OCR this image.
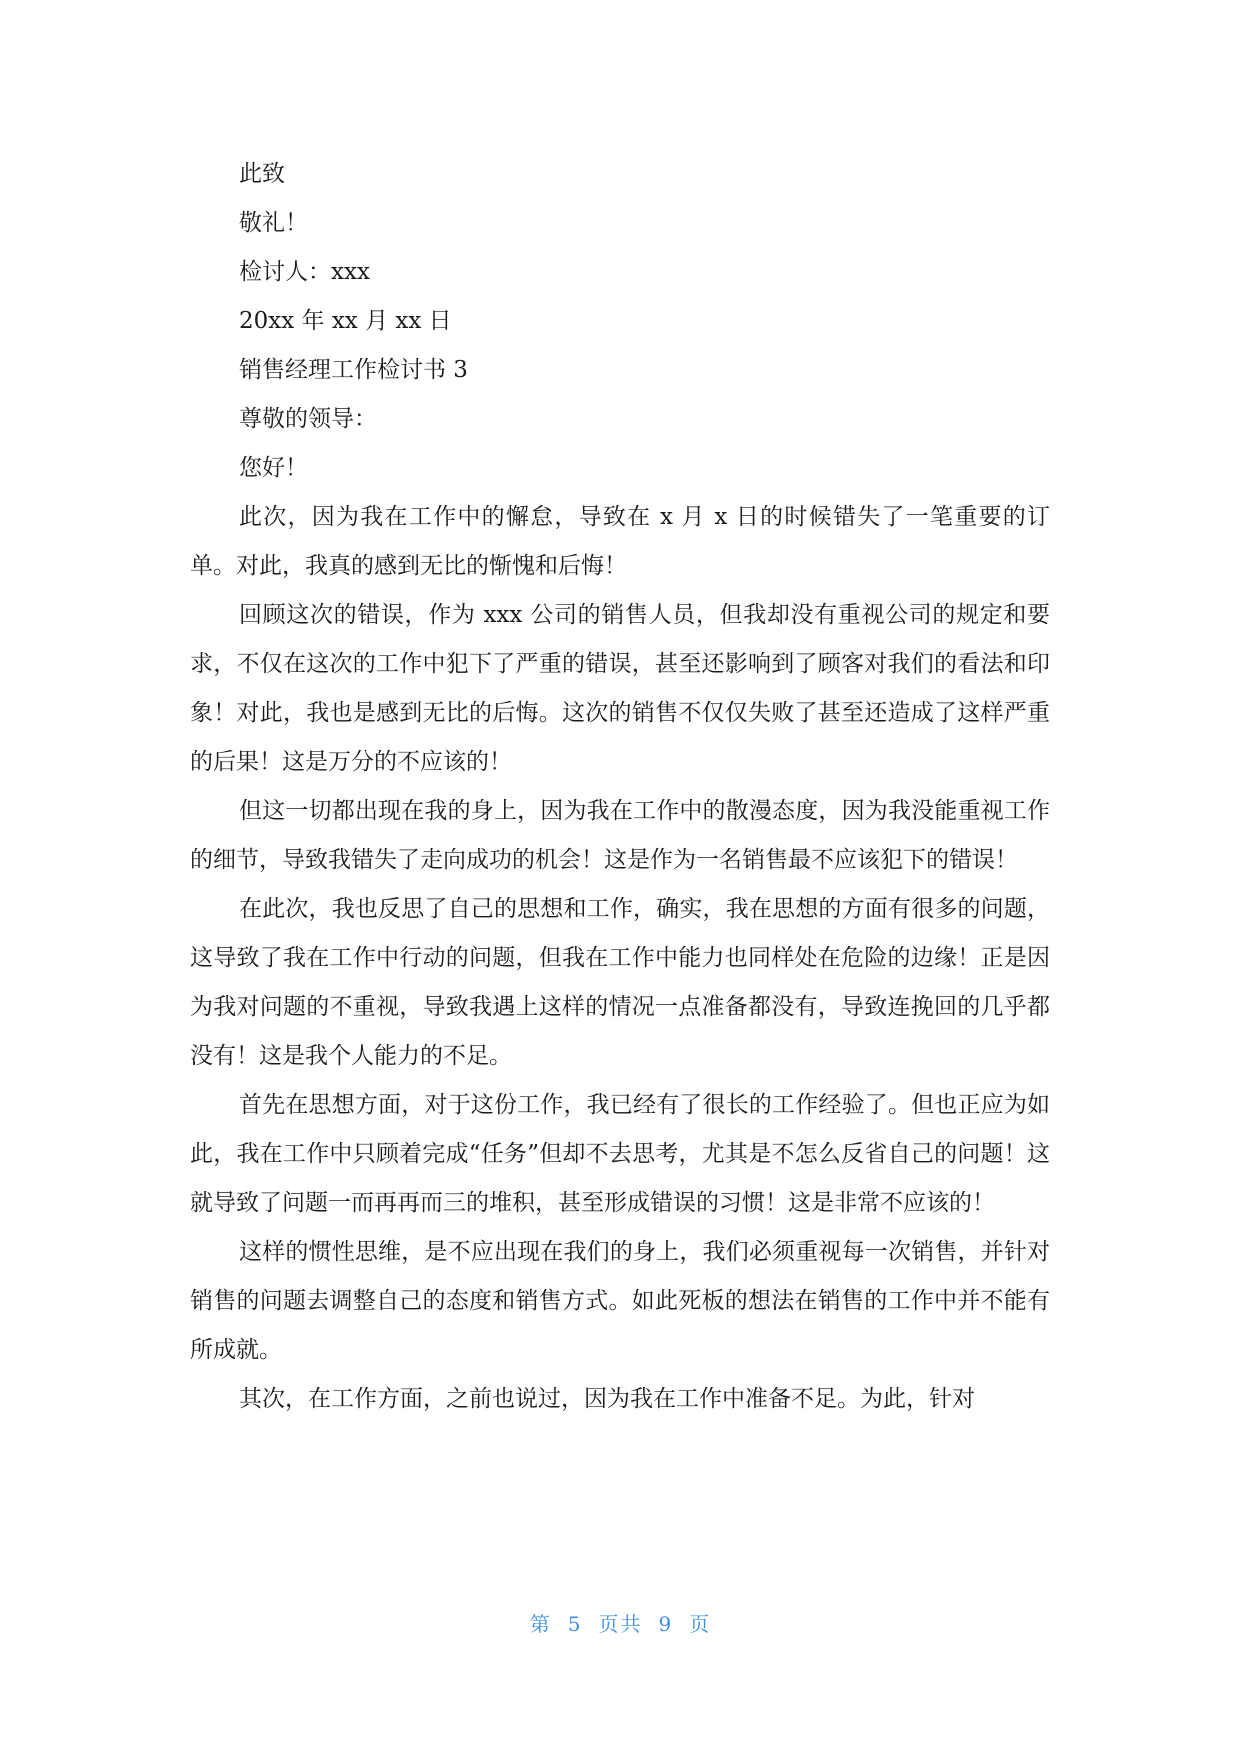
此致
敬礼！
检讨人：xxx
20xx 年 xx 月 xx 日
销售经理工作检讨书 3
尊敬的领导：
您好！

此次，因为我在工作中的懈怠，导致在 x 月 x 日的时候错失了一笔重要的订单。对此，我真的感到无比的惭愧和后悔！

回顾这次的错误，作为 xxx 公司的销售人员，但我却没有重视公司的规定和要求，不仅在这次的工作中犯下了严重的错误，甚至还影响到了顾客对我们的看法和印象！对此，我也是感到无比的后悔。这次的销售不仅仅失败了甚至还造成了这样严重的后果！这是万分的不应该的！

但这一切都出现在我的身上，因为我在工作中的散漫态度，因为我没能重视工作的细节，导致我错失了走向成功的机会！这是作为一名销售最不应该犯下的错误！

在此次，我也反思了自己的思想和工作，确实，我在思想的方面有很多的问题，这导致了我在工作中行动的问题，但我在工作中能力也同样处在危险的边缘！正是因为我对问题的不重视，导致我遇上这样的情况一点准备都没有，导致连挽回的几乎都没有！这是我个人能力的不足。

首先在思想方面，对于这份工作，我已经有了很长的工作经验了。但也正应为如此，我在工作中只顾着完成“任务”但却不去思考，尤其是不怎么反省自己的问题！这就导致了问题一而再再而三的堆积，甚至形成错误的习惯！这是非常不应该的！

这样的惯性思维，是不应出现在我们的身上，我们必须重视每一次销售，并针对销售的问题去调整自己的态度和销售方式。如此死板的想法在销售的工作中并不能有所成就。

其次，在工作方面，之前也说过，因为我在工作中准备不足。为此，针对

第 5 页共 9 页
